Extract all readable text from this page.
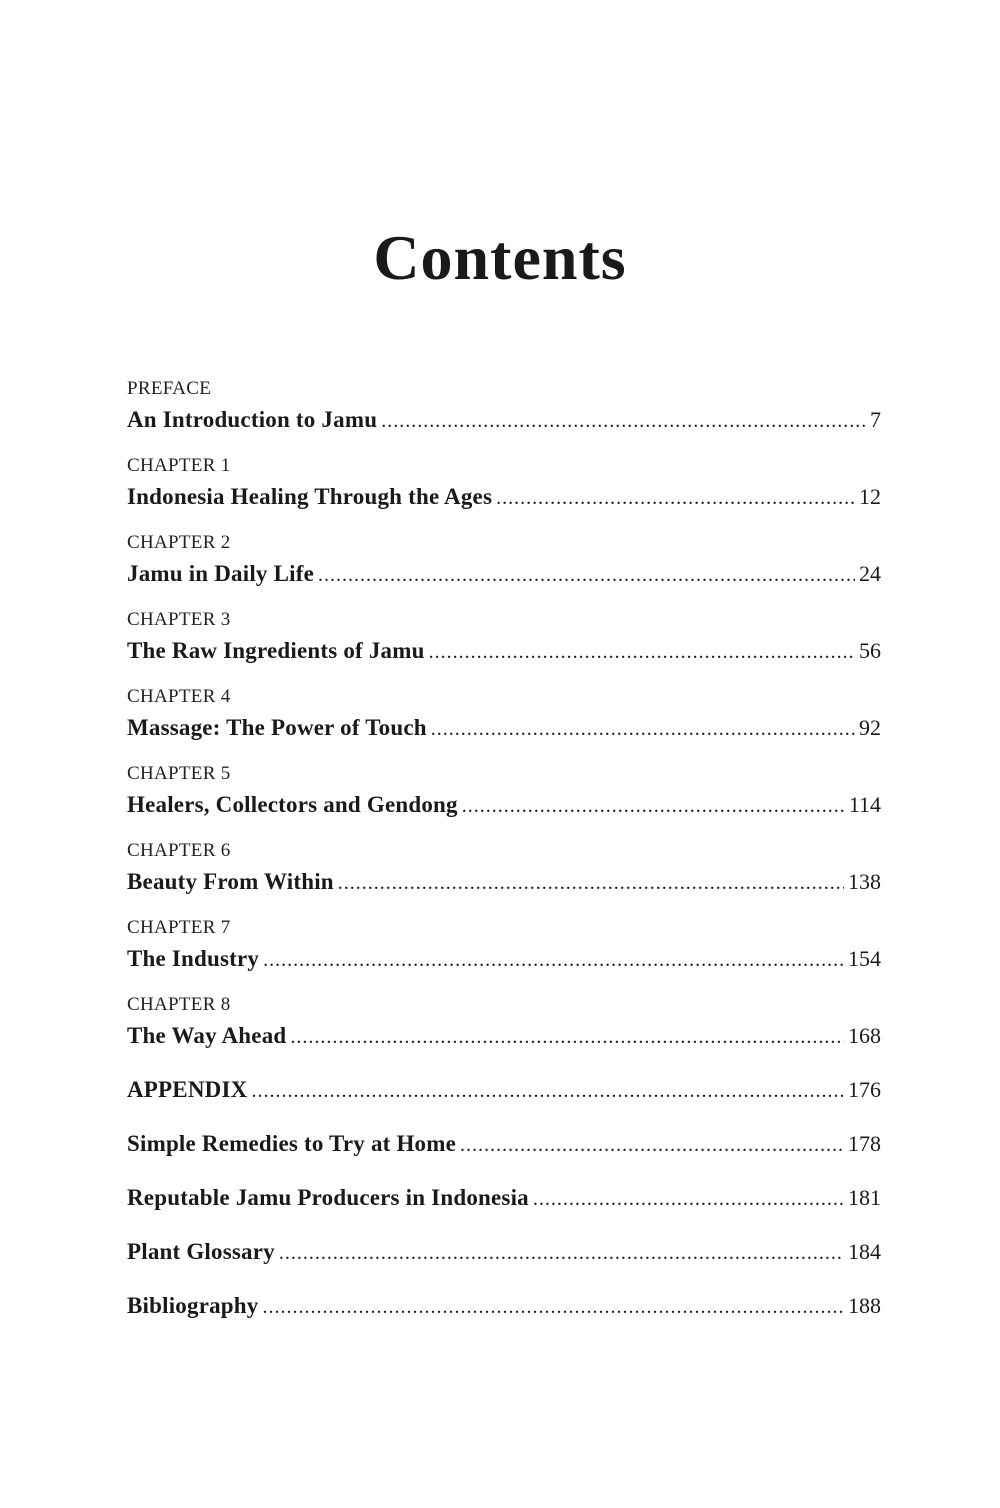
Contents
PREFACE
An Introduction to Jamu .....	7
CHAPTER 1
Indonesia Healing Through the Ages .....	12
CHAPTER 2
Jamu in Daily Life .....	24
CHAPTER 3
The Raw Ingredients of Jamu .....	56
CHAPTER 4
Massage: The Power of Touch .....	92
CHAPTER 5
Healers, Collectors and Gendong .....	114
CHAPTER 6
Beauty From Within .....	138
CHAPTER 7
The Industry .....	154
CHAPTER 8
The Way Ahead .....	168
APPENDIX .....	176
Simple Remedies to Try at Home .....	178
Reputable Jamu Producers in Indonesia .....	181
Plant Glossary .....	184
Bibliography .....	188
